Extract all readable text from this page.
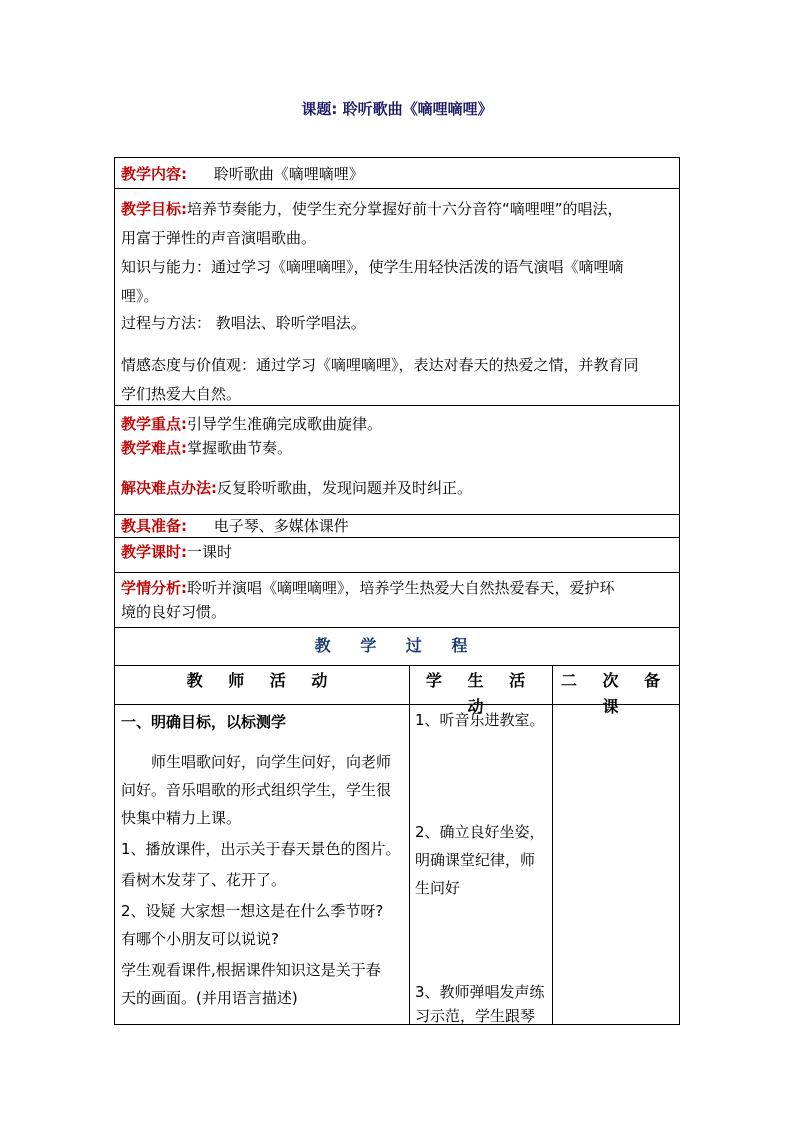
课题: 聆听歌曲《嘀哩嘀哩》
教学内容: 聆听歌曲《嘀哩嘀哩》

教学目标:培养节奏能力，使学生充分掌握好前十六分音符“嘀哩哩”的唱法，

用富于弹性的声音演唱歌曲。

知识与能力：通过学习《嘀哩嘀哩》，使学生用轻快活泼的语气演唱《嘀哩嘀

哩》。

过程与方法： 教唱法、聆听学唱法。

情感态度与价值观：通过学习《嘀哩嘀哩》，表达对春天的热爱之情，并教育同

学们热爱大自然。

教学重点:引导学生准确完成歌曲旋律。

教学难点:掌握歌曲节奏。

解决难点办法:反复聆听歌曲，发现问题并及时纠正。

教具准备: 电子琴、多媒体课件
教学课时:一课时

学情分析:聆听并演唱《嘀哩嘀哩》，培养学生热爱大自然热爱春天，爱护环

境的良好习惯。

教 学 过 程
教 师 活 动	学 生 活 动
二 次 备 课
一、明确目标，以标测学
师生唱歌问好，向学生问好，向老师
问好。音乐唱歌的形式组织学生，学生很
快集中精力上课。
1、播放课件，出示关于春天景色的图片。
看树木发芽了、花开了。
2、设疑 大家想一想这是在什么季节呀?
有哪个小朋友可以说说?
学生观看课件,根据课件知识这是关于春
天的画面。(并用语言描述)
1、听音乐进教室。
2、确立良好坐姿，
明确课堂纪律，师
生问好
3、教师弹唱发声练
习示范，学生跟琴
